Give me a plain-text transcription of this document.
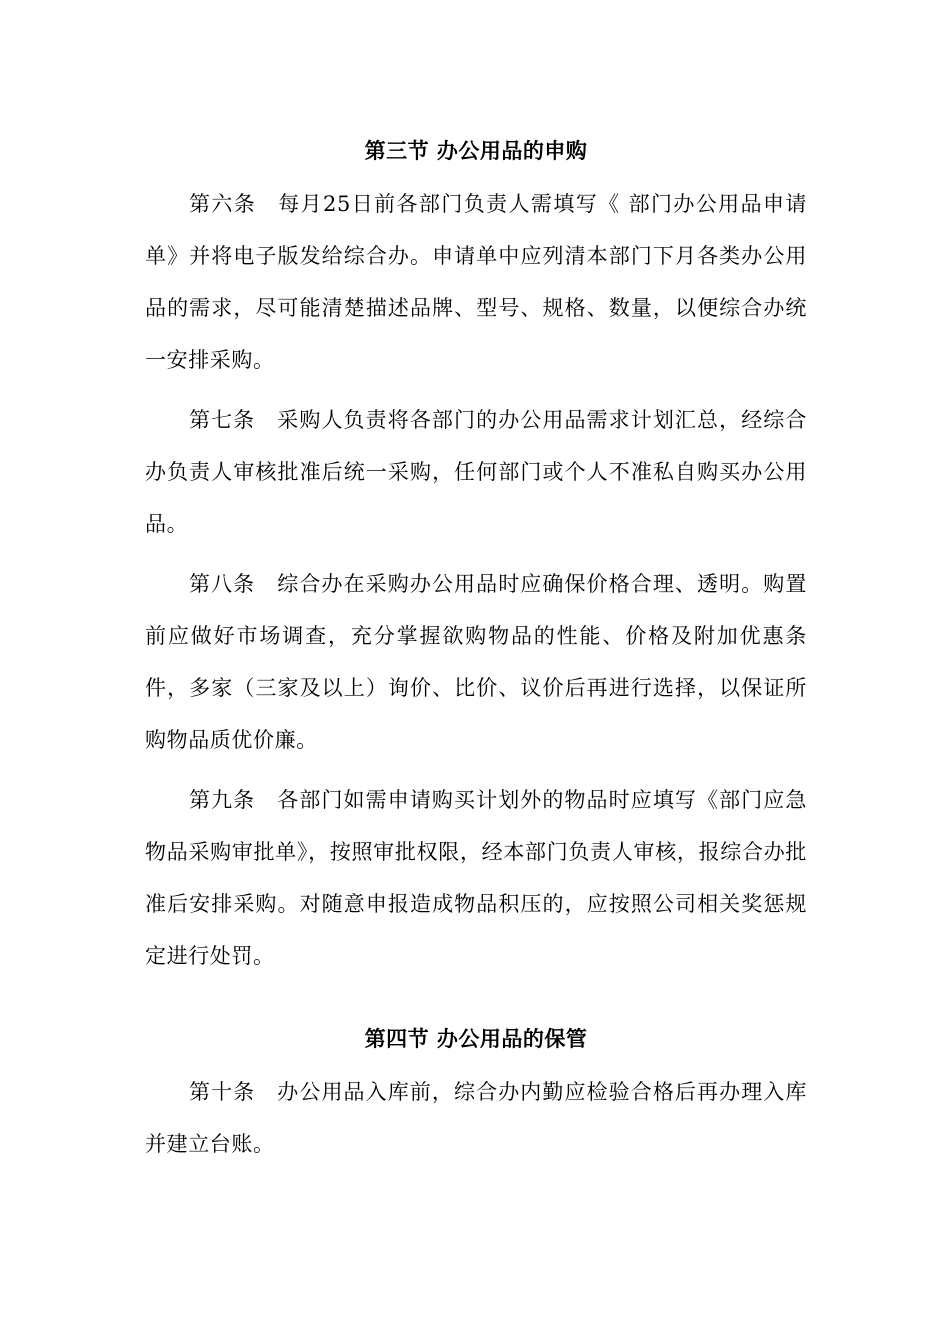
第三节 办公用品的申购

第六条 每月25日前各部门负责人需填写《 部门办公用品申请单》并将电子版发给综合办。申请单中应列清本部门下月各类办公用品的需求，尽可能清楚描述品牌、型号、规格、数量，以便综合办统一安排采购。

第七条 采购人负责将各部门的办公用品需求计划汇总，经综合办负责人审核批准后统一采购，任何部门或个人不准私自购买办公用品。

第八条 综合办在采购办公用品时应确保价格合理、透明。购置前应做好市场调查，充分掌握欲购物品的性能、价格及附加优惠条件，多家（三家及以上）询价、比价、议价后再进行选择，以保证所购物品质优价廉。

第九条 各部门如需申请购买计划外的物品时应填写《部门应急物品采购审批单》，按照审批权限，经本部门负责人审核，报综合办批准后安排采购。对随意申报造成物品积压的，应按照公司相关奖惩规定进行处罚。

第四节 办公用品的保管

第十条 办公用品入库前，综合办内勤应检验合格后再办理入库并建立台账。
